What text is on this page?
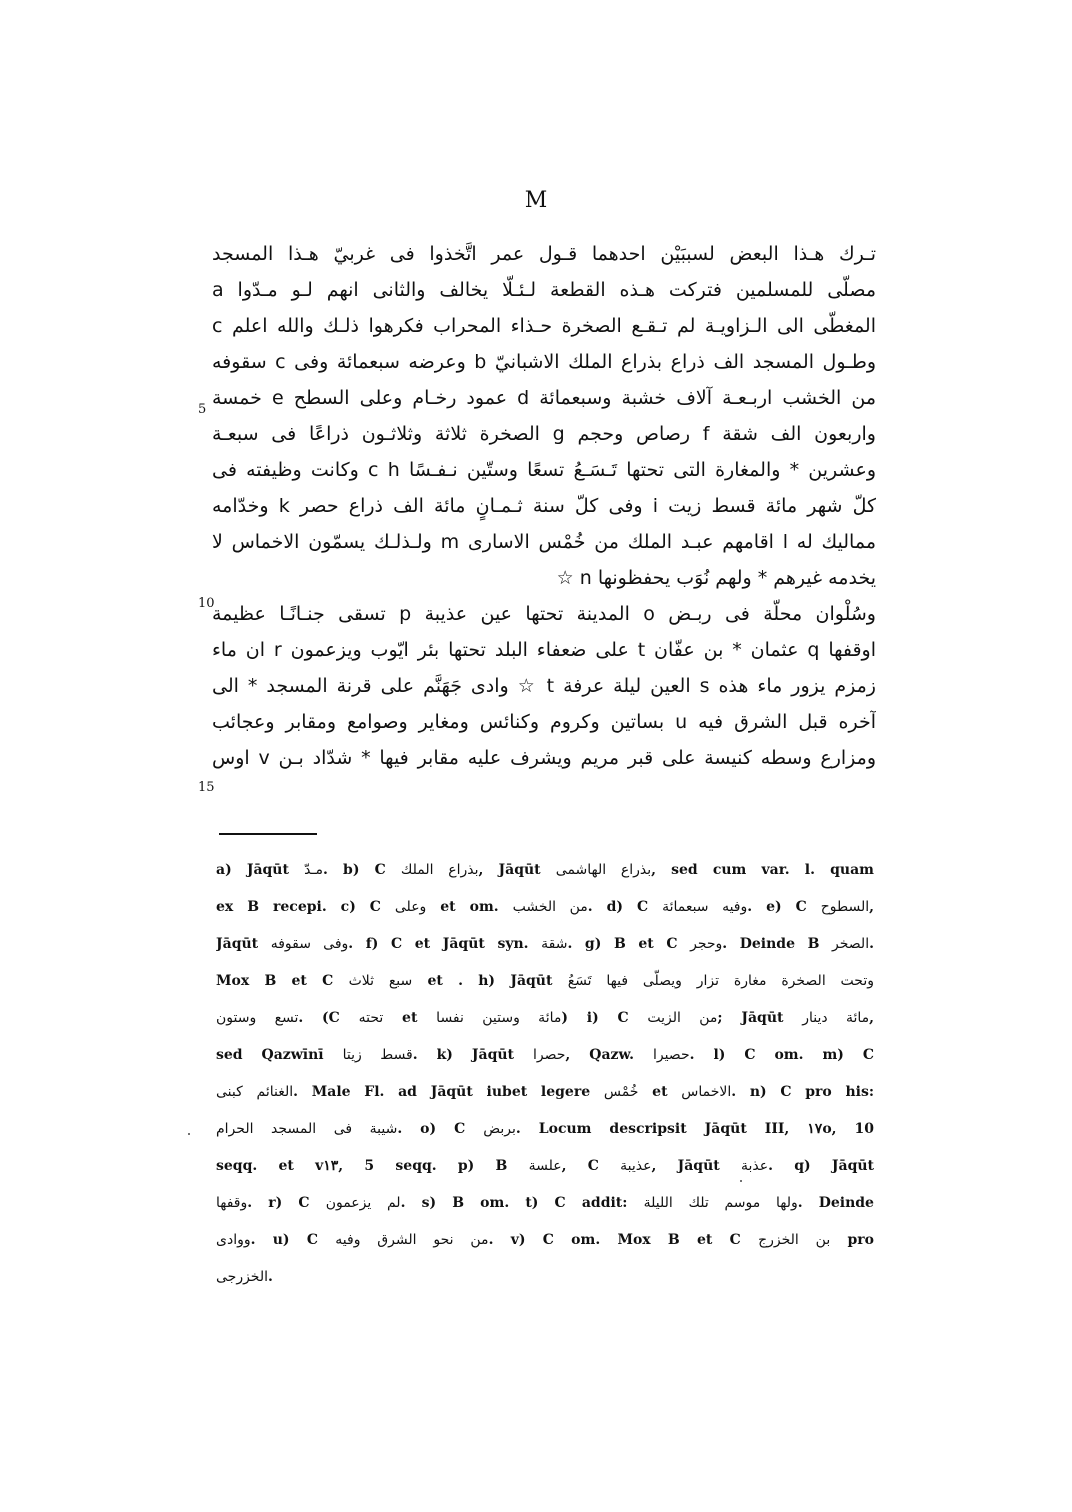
M
تـرك هـذا البعض لسببَيْن احدهما قـول عمر اتَّخذوا فى غربيّ هـذا المسجد
مصلّى للمسلمين فتركت هـذه القطعة لـئـلّا يخالف والثانى انهم لـو مـدّوا a
المغطّى الى الـزاويـة لم تـقـع الصخرة حـذاء المحراب فكرهوا ذلـك والله اعلم c
وطـول المسجد الف ذراع بذراع الملك الاشبانيّ b وعرضه سبعمائة وفى c سقوفه
من الخشب اربـعـة آلاف خشبة وسبعمائة d عمود رخـام وعلى السطح e خمسة
واربعون الف شقة f رصاص وحجم g الصخرة ثلاثة وثلاثـون ذراعًا فى سبعـة
وعشرين * والمغارة التى تحتها تَـسَـعُ تسعًا وستّين نـفـسًا c h وكانت وظيفته فى
كلّ شهر مائة قسط زيت i وفى كلّ سنة ثـمـانٍ مائة الف ذراع حصر k وخدّامه
مماليك له l اقامهم عبـد الملك من خُمْس الاسارى m ولـذلـك يسمّون الاخماس لا
يخدمه غيرهم * ولهم نُوَب يحفظونها n ☆
وسُلْوان محلّة فى ربـض o المدينة تحتها عين عذيبة p تسقى جنـانًـا عظيمة
اوقفها q عثمان * بن عفّان t على ضعفاء البلد تحتها بئر ايّوب ويزعمون r ان ماء
زمزم يزور ماء هذه s العين ليلة عرفة t ☆ وادى جَهَنَّم على قرنة المسجد * الى
آخره قبل الشرق فيه u بساتين وكروم وكنائس ومغاير وصوامع ومقابر وعجائب
ومزارع وسطه كنيسة على قبر مريم ويشرف عليه مقابر فيها * شدّاد بـن v اوس
5
10
15
a) Jāqūt مـدّ. b) C بذراع الملك, Jāqūt بذراع الهاشمى, sed cum var. l. quam
ex B recepi. c) C وعلى et om. من الخشب. d) C وفيه سبعمائة. e) C السطوح,
Jāqūt وفى سقوفه. f) C et Jāqūt syn. شقة. g) B et C وحجر. Deinde B الصخر.
Mox B et C سبع ثلاث et . h) Jāqūt وتحت الصخرة مغارة تزار ويصلّى فيها تَسَعُ
تسع وستون. (C تحته et مائة وستين نفسا) i) C من الزيت; Jāqūt مائة دينار,
sed Qazwīnī قسط زيتا. k) Jāqūt حصرا, Qazw. حصيرا. l) C om. m) C
كبنى الغنائم. Male Fl. ad Jāqūt iubet legere خُمْس et الاخماس. n) C pro his:
شيبة فى المسجد الحرام. o) C بربض. Locum descripsit Jāqūt III, ١٧o, 10
seqq. et v١٣, 5 seqq. p) B علسة, C عذيبة, Jāqūt عذبة. q) Jāqūt
وقفها. r) C لم يزعمون. s) B om. t) C addit: ولها موسم تلك الليلة. Deinde
ووادى. u) C من نحو الشرق وفيه. v) C om. Mox B et C بن الخزرج pro
الخزرجى.
